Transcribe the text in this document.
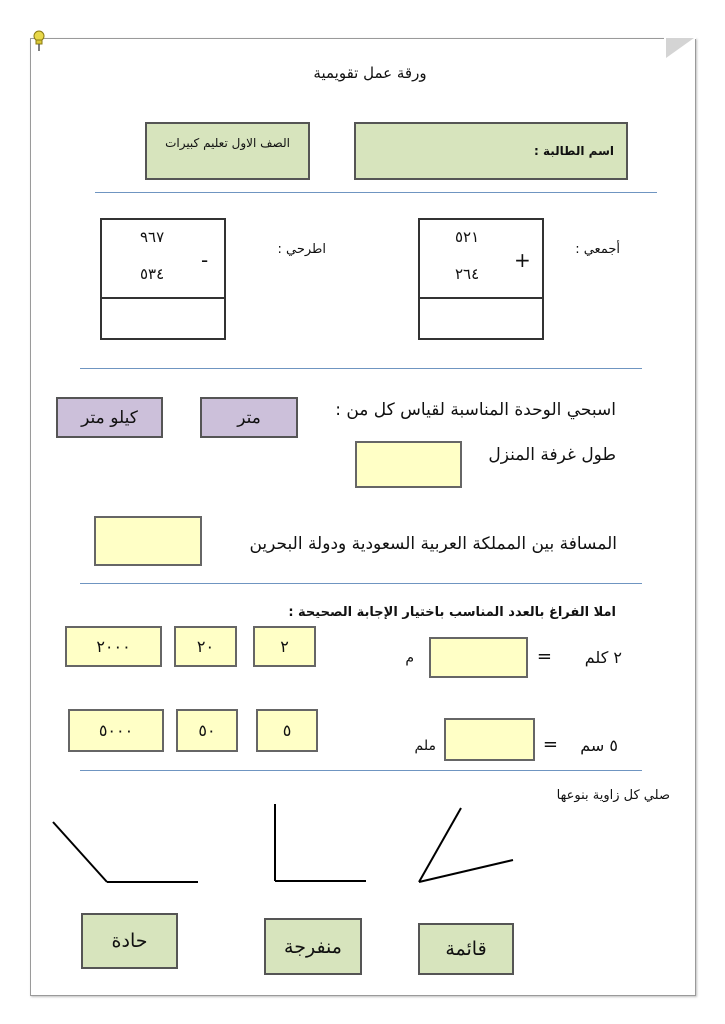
ورقة عمل تقويمية
اسم الطالبة :
الصف الاول تعليم كبيرات
أجمعي :
٥٢١
٢٦٤
+
اطرحي :
٩٦٧
٥٣٤
-
اسبحي الوحدة المناسبة لقياس كل من :
متر
كيلو متر
طول غرفة المنزل
المسافة بين المملكة العربية السعودية ودولة البحرين
املا الفراغ بالعدد المناسب باختيار الإجابة الصحيحة :
٢ كلم
=
م
٢
٢٠
٢٠٠٠
٥ سم
=
ملم
٥
٥٠
٥٠٠٠
صلي كل زاوية بنوعها
قائمة
منفرجة
حادة
